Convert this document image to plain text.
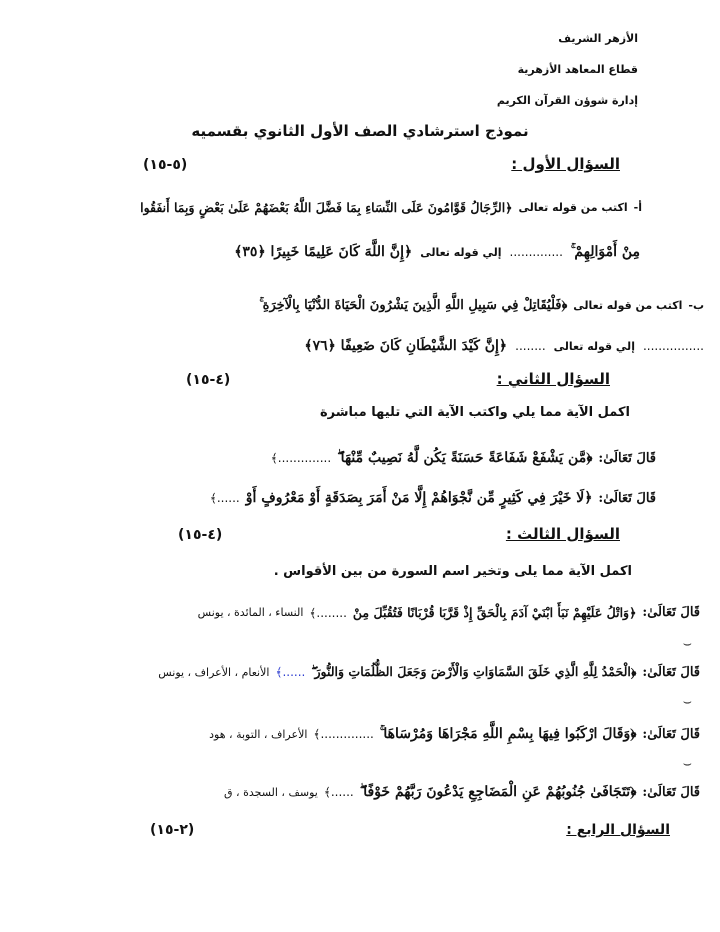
الأزهر الشريف
قطاع المعاهد الأزهرية
إدارة شوؤن القرآن الكريم
نموذج استرشادي الصف الأول الثانوي بقسميه
السؤال الأول :
(٥-١٥)
أ-
اكتب من قوله تعالى
﴿الرِّجَالُ قَوَّامُونَ عَلَى النِّسَاءِ بِمَا فَضَّلَ اللَّهُ بَعْضَهُمْ عَلَىٰ بَعْضٍ وَبِمَا أَنفَقُوا
مِنْ أَمْوَالِهِمْ ۚ
..............
إلي قوله تعالى
﴿إِنَّ اللَّهَ كَانَ عَلِيمًا خَبِيرًا ﴿٣٥﴾
ب-
اكتب من قوله تعالى
﴿فَلْيُقَاتِلْ فِي سَبِيلِ اللَّهِ الَّذِينَ يَشْرُونَ الْحَيَاةَ الدُّنْيَا بِالْآخِرَةِ ۚ
................
إلي قوله تعالى
........
﴿إِنَّ كَيْدَ الشَّيْطَانِ كَانَ ضَعِيفًا ﴿٧٦﴾
السؤال الثاني :
(٤-١٥)
اكمل الآية مما يلي واكتب الآية التي تليها مباشرة
قَالَ تَعَالَىٰ:
﴿مَّن يَشْفَعْ شَفَاعَةً حَسَنَةً يَكُن لَّهُ نَصِيبٌ مِّنْهَا ۖ
..............﴾
قَالَ تَعَالَىٰ:
﴿لَا خَيْرَ فِي كَثِيرٍ مِّن نَّجْوَاهُمْ إِلَّا مَنْ أَمَرَ بِصَدَقَةٍ أَوْ مَعْرُوفٍ أَوْ
......﴾
السؤال الثالث :
(٤-١٥)
اكمل الآية مما يلى وتخير اسم السورة من بين الأقواس .
قَالَ تَعَالَىٰ:
﴿وَاتْلُ عَلَيْهِمْ نَبَأَ ابْنَيْ آدَمَ بِالْحَقِّ إِذْ قَرَّبَا قُرْبَانًا فَتُقُبِّلَ مِنْ
........﴾
النساء ، المائدة ، يونس
قَالَ تَعَالَىٰ:
﴿الْحَمْدُ لِلَّهِ الَّذِي خَلَقَ السَّمَاوَاتِ وَالْأَرْضَ وَجَعَلَ الظُّلُمَاتِ وَالنُّورَ ۖ
......﴾
الأنعام ، الأعراف ، يونس
قَالَ تَعَالَىٰ:
﴿وَقَالَ ارْكَبُوا فِيهَا بِسْمِ اللَّهِ مَجْرَاهَا وَمُرْسَاهَا ۚ
..............﴾
الأعراف ، التوبة ، هود
قَالَ تَعَالَىٰ:
﴿تَتَجَافَىٰ جُنُوبُهُمْ عَنِ الْمَضَاجِعِ يَدْعُونَ رَبَّهُمْ خَوْفًا ۖ
......﴾
يوسف ، السجدة ، ق
⌣
⌣
⌣
السؤال الرابع :
(٢-١٥)
